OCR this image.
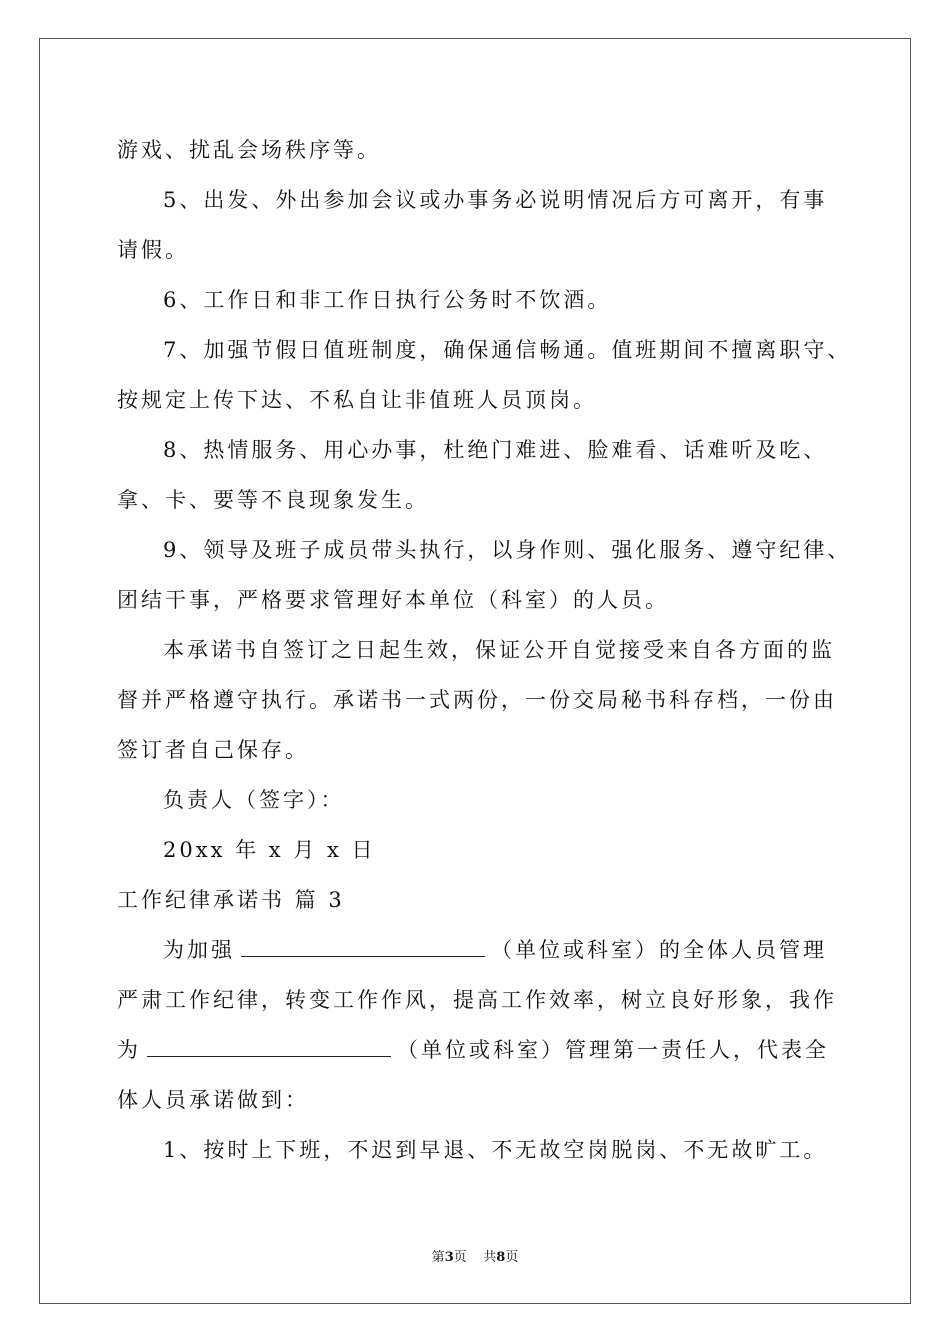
游戏、扰乱会场秩序等。
5、出发、外出参加会议或办事务必说明情况后方可离开，有事
请假。
6、工作日和非工作日执行公务时不饮酒。
7、加强节假日值班制度，确保通信畅通。值班期间不擅离职守、
按规定上传下达、不私自让非值班人员顶岗。
8、热情服务、用心办事，杜绝门难进、脸难看、话难听及吃、
拿、卡、要等不良现象发生。
9、领导及班子成员带头执行，以身作则、强化服务、遵守纪律、
团结干事，严格要求管理好本单位（科室）的人员。
本承诺书自签订之日起生效，保证公开自觉接受来自各方面的监
督并严格遵守执行。承诺书一式两份，一份交局秘书科存档，一份由
签订者自己保存。
负责人（签字）：
20xx 年 x 月 x 日
工作纪律承诺书 篇 3
为加强	（单位或科室）的全体人员管理
严肃工作纪律，转变工作作风，提高工作效率，树立良好形象，我作
为	（单位或科室）管理第一责任人，代表全
体人员承诺做到：
1、按时上下班，不迟到早退、不无故空岗脱岗、不无故旷工。
第3页    共8页
